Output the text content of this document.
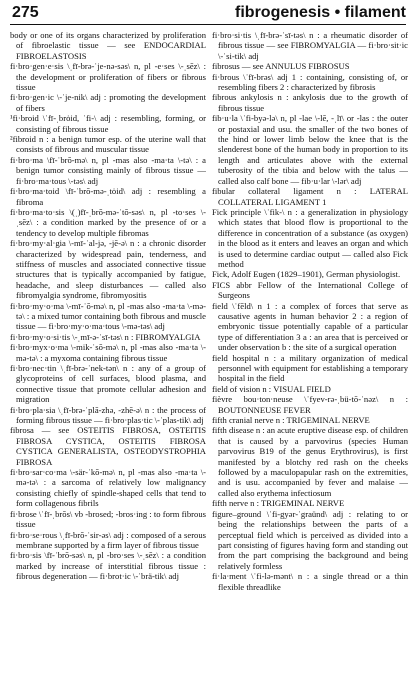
275	fibrogenesis • filament

body or one of its organs characterized by proliferation of fibroelastic tissue — see ENDOCARDIAL FIBROELASTOSIS

fi·bro·gen·e·sis \ˌfī-brə-ˈje-nə-səs\ n, pl -e·ses \-ˌsēz\ : the development or proliferation of fibers or fibrous tissue

fi·bro·gen·ic \-ˈje-nik\ adj : promoting the development of fibers

¹fi·broid \ˈfī-ˌbrȯid, ˈfi-\ adj : resembling, forming, or consisting of fibrous tissue

²fibroid n : a benign tumor esp. of the uterine wall that consists of fibrous and muscular tissue

fi·bro·ma \fī-ˈbrō-mə\ n, pl -mas also -ma·ta \-tə\ : a benign tumor consisting mainly of fibrous tissue — fi·bro·ma·tous \-təs\ adj

fi·bro·ma·toid \fī-ˈbrō-mə-ˌtȯid\ adj : resembling a fibroma

fi·bro·ma·to·sis \(ˌ)fī-ˌbrō-mə-ˈtō-səs\ n, pl -to·ses \-ˌsēz\ : a condition marked by the presence of or a tendency to develop multiple fibromas

fi·bro·my·al·gia \-mī-ˈal-jə, -jē-ə\ n : a chronic disorder characterized by widespread pain, tenderness, and stiffness of muscles and associated connective tissue structures that is typically accompanied by fatigue, headache, and sleep disturbances — called also fibromyalgia syndrome, fibromyositis

fi·bro·my·o·ma \-mī-ˈō-mə\ n, pl -mas also -ma·ta \-mə-tə\ : a mixed tumor containing both fibrous and muscle tissue — fi·bro·my·o·ma·tous \-mə-təs\ adj

fi·bro·my·o·si·tis \-ˌmī-ə-ˈsī-təs\ n : FIBROMYALGIA

fi·bro·myx·o·ma \-mik-ˈsō-mə\ n, pl -mas also -ma·ta \-mə-tə\ : a myxoma containing fibrous tissue

fi·bro·nec·tin \ˌfī-brə-ˈnek-tən\ n : any of a group of glycoproteins of cell surfaces, blood plasma, and connective tissue that promote cellular adhesion and migration

fi·bro·pla·sia \ˌfī-brə-ˈplā-zhə, -zhē-ə\ n : the process of forming fibrous tissue — fi·bro·plas·tic \-ˈplas-tik\ adj

fibrosa — see OSTEITIS FIBROSA, OSTEITIS FIBROSA CYSTICA, OSTEITIS FIBROSA CYSTICA GENERALISTA, OSTEODYSTROPHIA FIBROSA

fi·bro·sar·co·ma \-sär-ˈkō-mə\ n, pl -mas also -ma·ta \-mə-tə\ : a sarcoma of relatively low malignancy consisting chiefly of spindle-shaped cells that tend to form collagenous fibrils

fi·brose \ˈfī-ˌbrōs\ vb -brosed; -bros·ing : to form fibrous tissue

fi·bro·se·rous \ˌfī-brō-ˈsir-əs\ adj : composed of a serous membrane supported by a firm layer of fibrous tissue

fi·bro·sis \fī-ˈbrō-səs\ n, pl -bro·ses \-ˌsēz\ : a condition marked by increase of interstitial fibrous tissue : fibrous degeneration — fi·brot·ic \-ˈbrä-tik\ adj

fi·bro·si·tis \ˌfī-brə-ˈsī-təs\ n : a rheumatic disorder of fibrous tissue — see FIBROMYALGIA — fi·bro·sit·ic \-ˈsi-tik\ adj

fibrosus — see ANNULUS FIBROSUS

fi·brous \ˈfī-brəs\ adj 1 : containing, consisting of, or resembling fibers 2 : characterized by fibrosis

fibrous ankylosis n : ankylosis due to the growth of fibrous tissue

fib·u·la \ˈfi-byə-lə\ n, pl -lae \-lē, -ˌlī\ or -las : the outer or postaxial and usu. the smaller of the two bones of the hind or lower limb below the knee that is the slenderest bone of the human body in proportion to its length and articulates above with the external tuberosity of the tibia and below with the talus — called also calf bone — fib·u·lar \-lər\ adj

fibular collateral ligament n : LATERAL COLLATERAL LIGAMENT 1

Fick principle \ˈfik-\ n : a generalization in physiology which states that blood flow is proportional to the difference in concentration of a substance (as oxygen) in the blood as it enters and leaves an organ and which is used to determine cardiac output — called also Fick method

Fick, Adolf Eugen (1829–1901), German physiologist.

FICS abbr Fellow of the International College of Surgeons

field \ˈfēld\ n 1 : a complex of forces that serve as causative agents in human behavior 2 : a region of embryonic tissue potentially capable of a particular type of differentiation 3 a : an area that is perceived or under observation b : the site of a surgical operation

field hospital n : a military organization of medical personnel with equipment for establishing a temporary hospital in the field

field of vision n : VISUAL FIELD

fièvre bou·ton·neuse \ˈfyev-rə-ˌbü-tō-ˈnəz\ n : BOUTONNEUSE FEVER

fifth cranial nerve n : TRIGEMINAL NERVE

fifth disease n : an acute eruptive disease esp. of children that is caused by a parvovirus (species Human parvovirus B19 of the genus Erythrovirus), is first manifested by a blotchy red rash on the cheeks followed by a maculopapular rash on the extremities, and is usu. accompanied by fever and malaise — called also erythema infectiosum

fifth nerve n : TRIGEMINAL NERVE

figure–ground \ˈfi-gyər-ˈgraünd\ adj : relating to or being the relationships between the parts of a perceptual field which is perceived as divided into a part consisting of figures having form and standing out from the part comprising the background and being relatively formless

fi·la·ment \ˈfi-lə-mənt\ n : a single thread or a thin flexible threadlike
